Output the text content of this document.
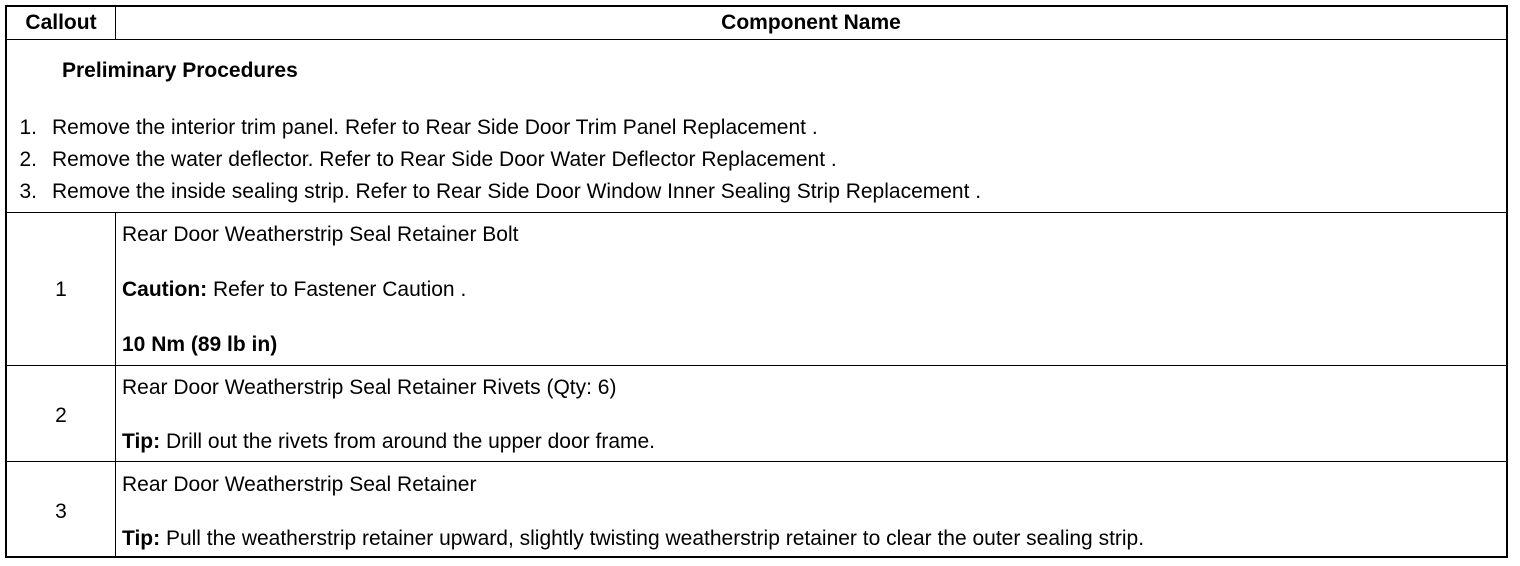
Callout	Component Name
Preliminary Procedures
1. Remove the interior trim panel. Refer to Rear Side Door Trim Panel Replacement .
2. Remove the water deflector. Refer to Rear Side Door Water Deflector Replacement .
3. Remove the inside sealing strip. Refer to Rear Side Door Window Inner Sealing Strip Replacement .
1
Rear Door Weatherstrip Seal Retainer Bolt
Caution: Refer to Fastener Caution .
10 Nm (89 lb in)
2
Rear Door Weatherstrip Seal Retainer Rivets (Qty: 6)
Tip: Drill out the rivets from around the upper door frame.
3
Rear Door Weatherstrip Seal Retainer
Tip: Pull the weatherstrip retainer upward, slightly twisting weatherstrip retainer to clear the outer sealing strip.
